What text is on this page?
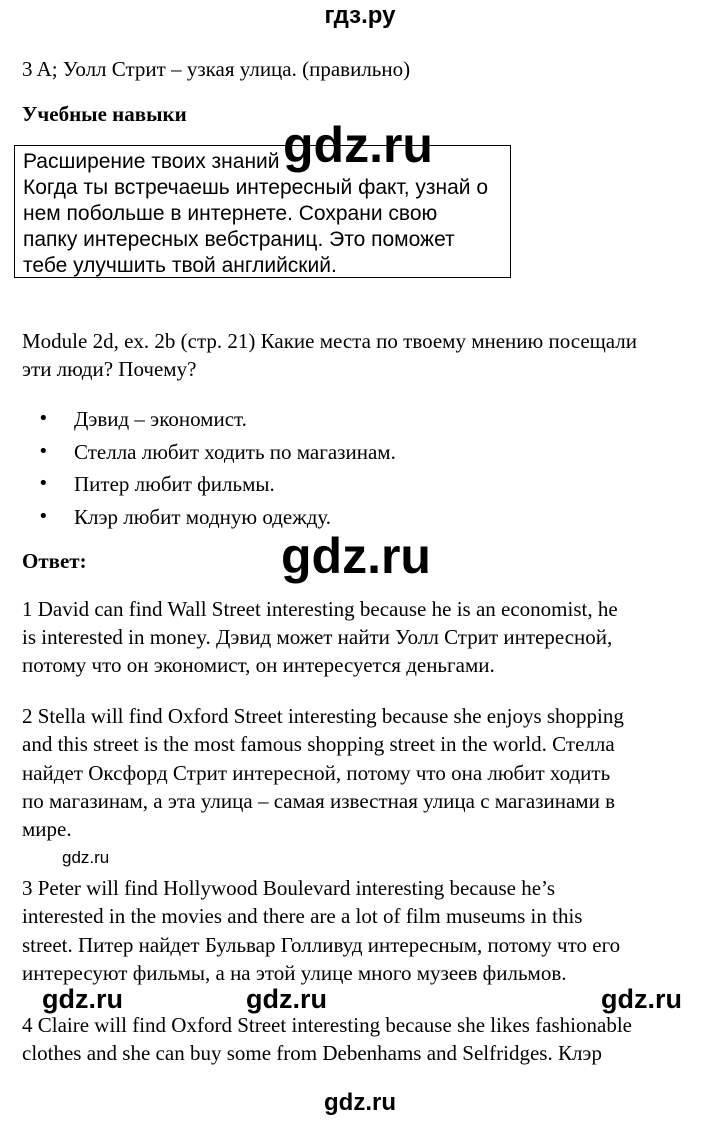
гдз.ру
3 A; Уолл Стрит – узкая улица. (правильно)
Учебные навыки
Расширение твоих знаний
Когда ты встречаешь интересный факт, узнай о
нем побольше в интернете. Сохрани свою
папку интересных вебстраниц. Это поможет
тебе улучшить твой английский.
gdz.ru
Module 2d, ex. 2b (стр. 21) Какие места по твоему мнению посещали
эти люди? Почему?
• Дэвид – экономист.
• Стелла любит ходить по магазинам.
• Питер любит фильмы.
• Клэр любит модную одежду.
Ответ:	gdz.ru
1 David can find Wall Street interesting because he is an economist, he
is interested in money. Дэвид может найти Уолл Стрит интересной,
потому что он экономист, он интересуется деньгами.
2 Stella will find Oxford Street interesting because she enjoys shopping
and this street is the most famous shopping street in the world. Стелла
найдет Оксфорд Стрит интересной, потому что она любит ходить
по магазинам, а эта улица – самая известная улица с магазинами в
мире.
gdz.ru
3 Peter will find Hollywood Boulevard interesting because he’s
interested in the movies and there are a lot of film museums in this
street. Питер найдет Бульвар Голливуд интересным, потому что его
интересуют фильмы, а на этой улице много музеев фильмов.
gdz.ru	gdz.ru	gdz.ru
4 Claire will find Oxford Street interesting because she likes fashionable
clothes and she can buy some from Debenhams and Selfridges. Клэр
gdz.ru
